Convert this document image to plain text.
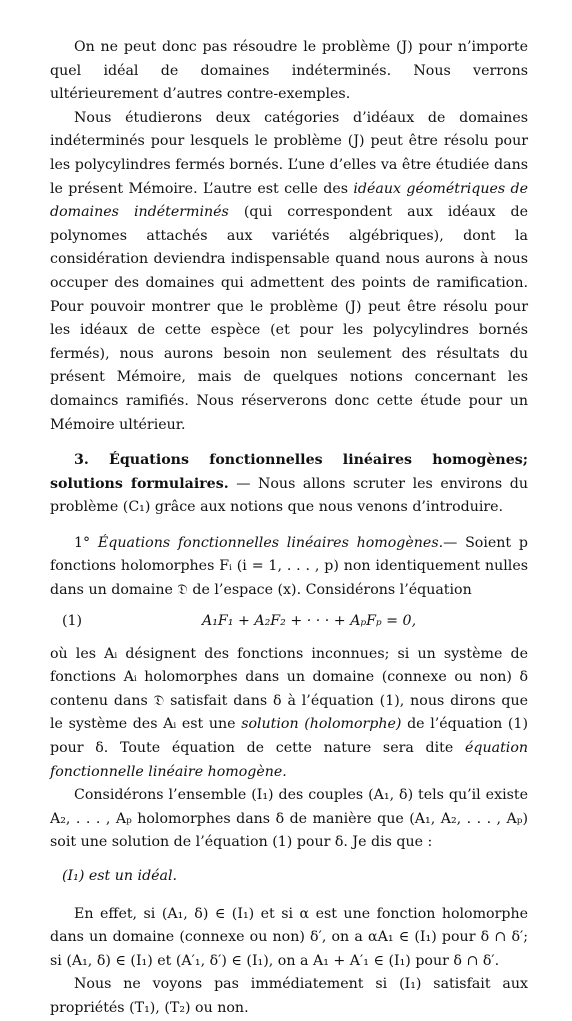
On ne peut donc pas résoudre le problème (J) pour n’importe quel idéal de domaines indéterminés. Nous verrons ultérieurement d’autres contre-exemples.

Nous étudierons deux catégories d’idéaux de domaines indéterminés pour lesquels le problème (J) peut être résolu pour les polycylindres fermés bornés. L’une d’elles va être étudiée dans le présent Mémoire. L’autre est celle des idéaux géométriques de domaines indéterminés (qui correspondent aux idéaux de polynomes attachés aux variétés algébriques), dont la considération deviendra indispensable quand nous aurons à nous occuper des domaines qui admettent des points de ramification. Pour pouvoir montrer que le problème (J) peut être résolu pour les idéaux de cette espèce (et pour les polycylindres bornés fermés), nous aurons besoin non seulement des résultats du présent Mémoire, mais de quelques notions concernant les domaincs ramifiés. Nous réserverons donc cette étude pour un Mémoire ultérieur.

3. Équations fonctionnelles linéaires homogènes; solutions formulaires. — Nous allons scruter les environs du problème (C₁) grâce aux notions que nous venons d’introduire.

1° Équations fonctionnelles linéaires homogènes.— Soient p fonctions holomorphes Fᵢ (i = 1, . . . , p) non identiquement nulles dans un domaine 𝔇 de l’espace (x). Considérons l’équation

(1)	A₁F₁ + A₂F₂ + · · · + AₚFₚ = 0,

où les Aᵢ désignent des fonctions inconnues; si un système de fonctions Aᵢ holomorphes dans un domaine (connexe ou non) δ contenu dans 𝔇 satisfait dans δ à l’équation (1), nous dirons que le système des Aᵢ est une solution (holomorphe) de l’équation (1) pour δ. Toute équation de cette nature sera dite équation fonctionnelle linéaire homogène.

Considérons l’ensemble (I₁) des couples (A₁, δ) tels qu’il existe A₂, . . . , Aₚ holomorphes dans δ de manière que (A₁, A₂, . . . , Aₚ) soit une solution de l’équation (1) pour δ. Je dis que :

(I₁) est un idéal.

En effet, si (A₁, δ) ∈ (I₁) et si α est une fonction holomorphe dans un domaine (connexe ou non) δ′, on a αA₁ ∈ (I₁) pour δ ∩ δ′; si (A₁, δ) ∈ (I₁) et (A′₁, δ′) ∈ (I₁), on a A₁ + A′₁ ∈ (I₁) pour δ ∩ δ′.

Nous ne voyons pas immédiatement si (I₁) satisfait aux propriétés (T₁), (T₂) ou non.
